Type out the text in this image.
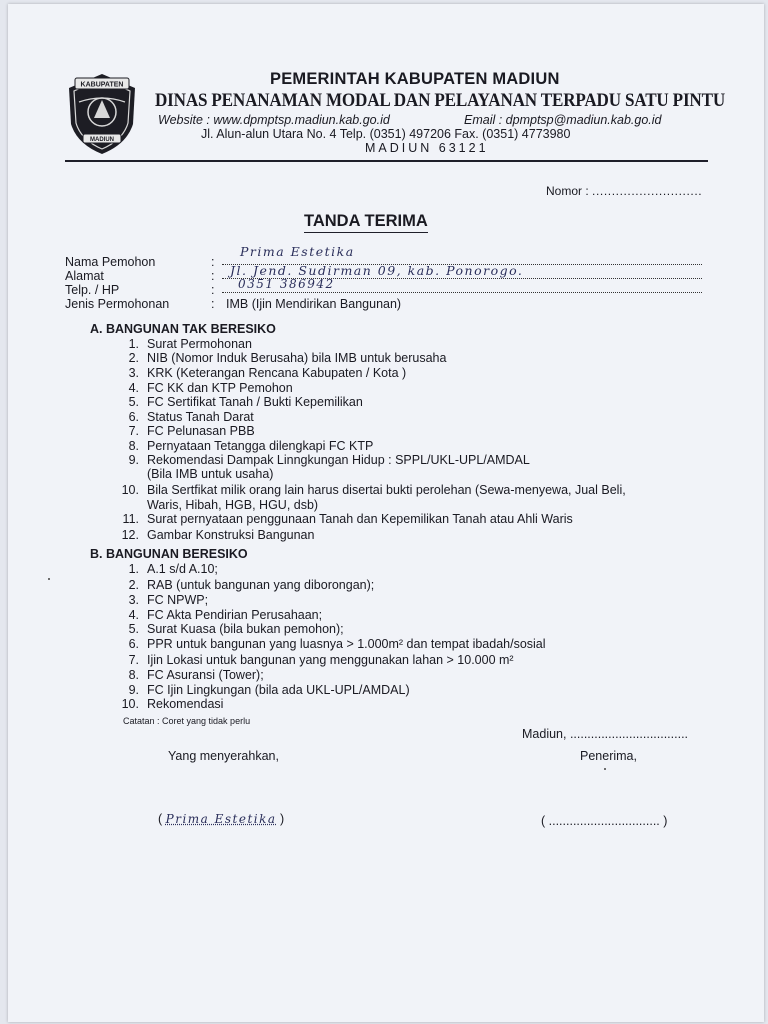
KABUPATEN
MADIUN
PEMERINTAH KABUPATEN MADIUN
DINAS PENANAMAN MODAL DAN PELAYANAN TERPADU SATU PINTU
Website : www.dpmptsp.madiun.kab.go.id	Email : dpmptsp@madiun.kab.go.id
Jl. Alun-alun Utara No. 4 Telp. (0351) 497206 Fax. (0351) 4773980
MADIUN 63121
Nomor : ............................
TANDA TERIMA
Nama Pemohon	:
Prima Estetika
Alamat	: Jl. Jend. Sudirman 09, kab. Ponorogo.
Telp. / HP	: 0351 386942
Jenis Permohonan	: IMB (Ijin Mendirikan Bangunan)
A. BANGUNAN TAK BERESIKO
1. Surat Permohonan
2. NIB (Nomor Induk Berusaha) bila IMB untuk berusaha
3. KRK (Keterangan Rencana Kabupaten / Kota )
4. FC KK dan KTP Pemohon
5. FC Sertifikat Tanah / Bukti Kepemilikan
6. Status Tanah Darat
7. FC Pelunasan PBB
8. Pernyataan Tetangga dilengkapi FC KTP
9. Rekomendasi Dampak Linngkungan Hidup : SPPL/UKL-UPL/AMDAL
(Bila IMB untuk usaha)
10. Bila Sertfikat milik orang lain harus disertai bukti perolehan (Sewa-menyewa, Jual Beli,
Waris, Hibah, HGB, HGU, dsb)
11. Surat pernyataan penggunaan Tanah dan Kepemilikan Tanah atau Ahli Waris
12. Gambar Konstruksi Bangunan
B. BANGUNAN BERESIKO
1. A.1 s/d A.10;
2. RAB (untuk bangunan yang diborongan);
3. FC NPWP;
4. FC Akta Pendirian Perusahaan;
5. Surat Kuasa (bila bukan pemohon);
6. PPR untuk bangunan yang luasnya > 1.000m² dan tempat ibadah/sosial
7. Ijin Lokasi untuk bangunan yang menggunakan lahan > 10.000 m²
8. FC Asuransi (Tower);
9. FC Ijin Lingkungan (bila ada UKL-UPL/AMDAL)
10. Rekomendasi
Catatan : Coret yang tidak perlu
Madiun, ..................................
Yang menyerahkan,	Penerima,
( Prima Estetika )	( ................................ )
